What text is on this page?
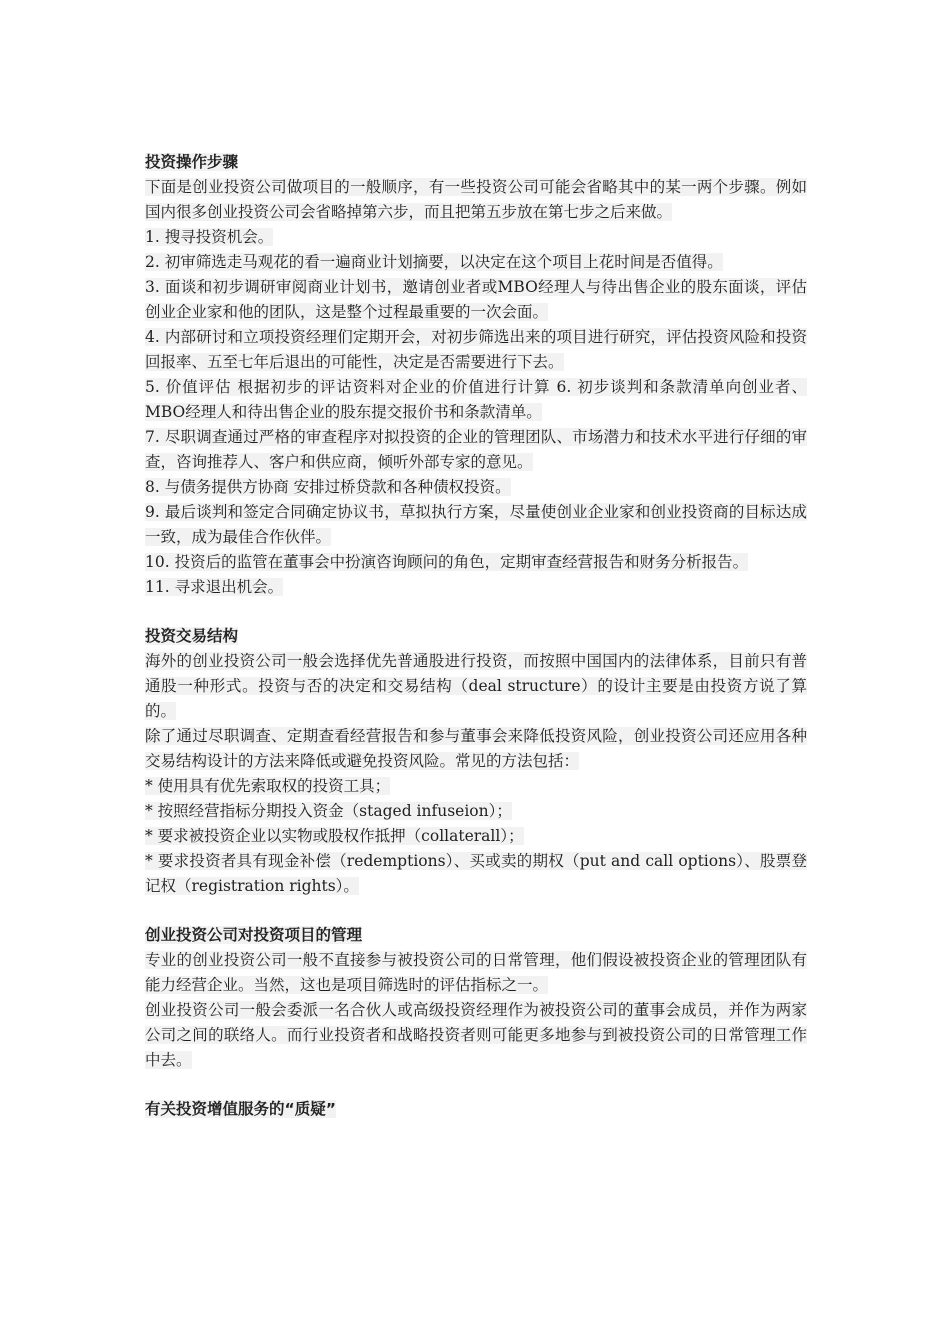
投资操作步骤

下面是创业投资公司做项目的一般顺序，有一些投资公司可能会省略其中的某一两个步骤。例如国内很多创业投资公司会省略掉第六步，而且把第五步放在第七步之后来做。

1. 搜寻投资机会。

2. 初审筛选走马观花的看一遍商业计划摘要，以决定在这个项目上花时间是否值得。

3. 面谈和初步调研审阅商业计划书，邀请创业者或MBO经理人与待出售企业的股东面谈，评估创业企业家和他的团队，这是整个过程最重要的一次会面。

4. 内部研讨和立项投资经理们定期开会，对初步筛选出来的项目进行研究，评估投资风险和投资回报率、五至七年后退出的可能性，决定是否需要进行下去。

5. 价值评估 根据初步的评诂资料对企业的价值进行计算 6. 初步谈判和条款清单向创业者、MBO经理人和待出售企业的股东提交报价书和条款清单。

7. 尽职调查通过严格的审查程序对拟投资的企业的管理团队、市场潜力和技术水平进行仔细的审查，咨询推荐人、客户和供应商，倾听外部专家的意见。

8. 与债务提供方协商 安排过桥贷款和各种债权投资。

9. 最后谈判和签定合同确定协议书，草拟执行方案，尽量使创业企业家和创业投资商的目标达成一致，成为最佳合作伙伴。

10. 投资后的监管在董事会中扮演咨询顾问的角色，定期审查经营报告和财务分析报告。

11. 寻求退出机会。

投资交易结构

海外的创业投资公司一般会选择优先普通股进行投资，而按照中国国内的法律体系，目前只有普通股一种形式。投资与否的决定和交易结构（deal structure）的设计主要是由投资方说了算的。

除了通过尽职调查、定期查看经营报告和参与董事会来降低投资风险，创业投资公司还应用各种交易结构设计的方法来降低或避免投资风险。常见的方法包括：

* 使用具有优先索取权的投资工具；

* 按照经营指标分期投入资金（staged infuseion）；

* 要求被投资企业以实物或股权作抵押（collaterall）；

* 要求投资者具有现金补偿（redemptions）、买或卖的期权（put and call options）、股票登记权（registration rights）。

创业投资公司对投资项目的管理

专业的创业投资公司一般不直接参与被投资公司的日常管理，他们假设被投资企业的管理团队有能力经营企业。当然，这也是项目筛选时的评估指标之一。

创业投资公司一般会委派一名合伙人或高级投资经理作为被投资公司的董事会成员，并作为两家公司之间的联络人。而行业投资者和战略投资者则可能更多地参与到被投资公司的日常管理工作中去。

有关投资增值服务的“质疑”
